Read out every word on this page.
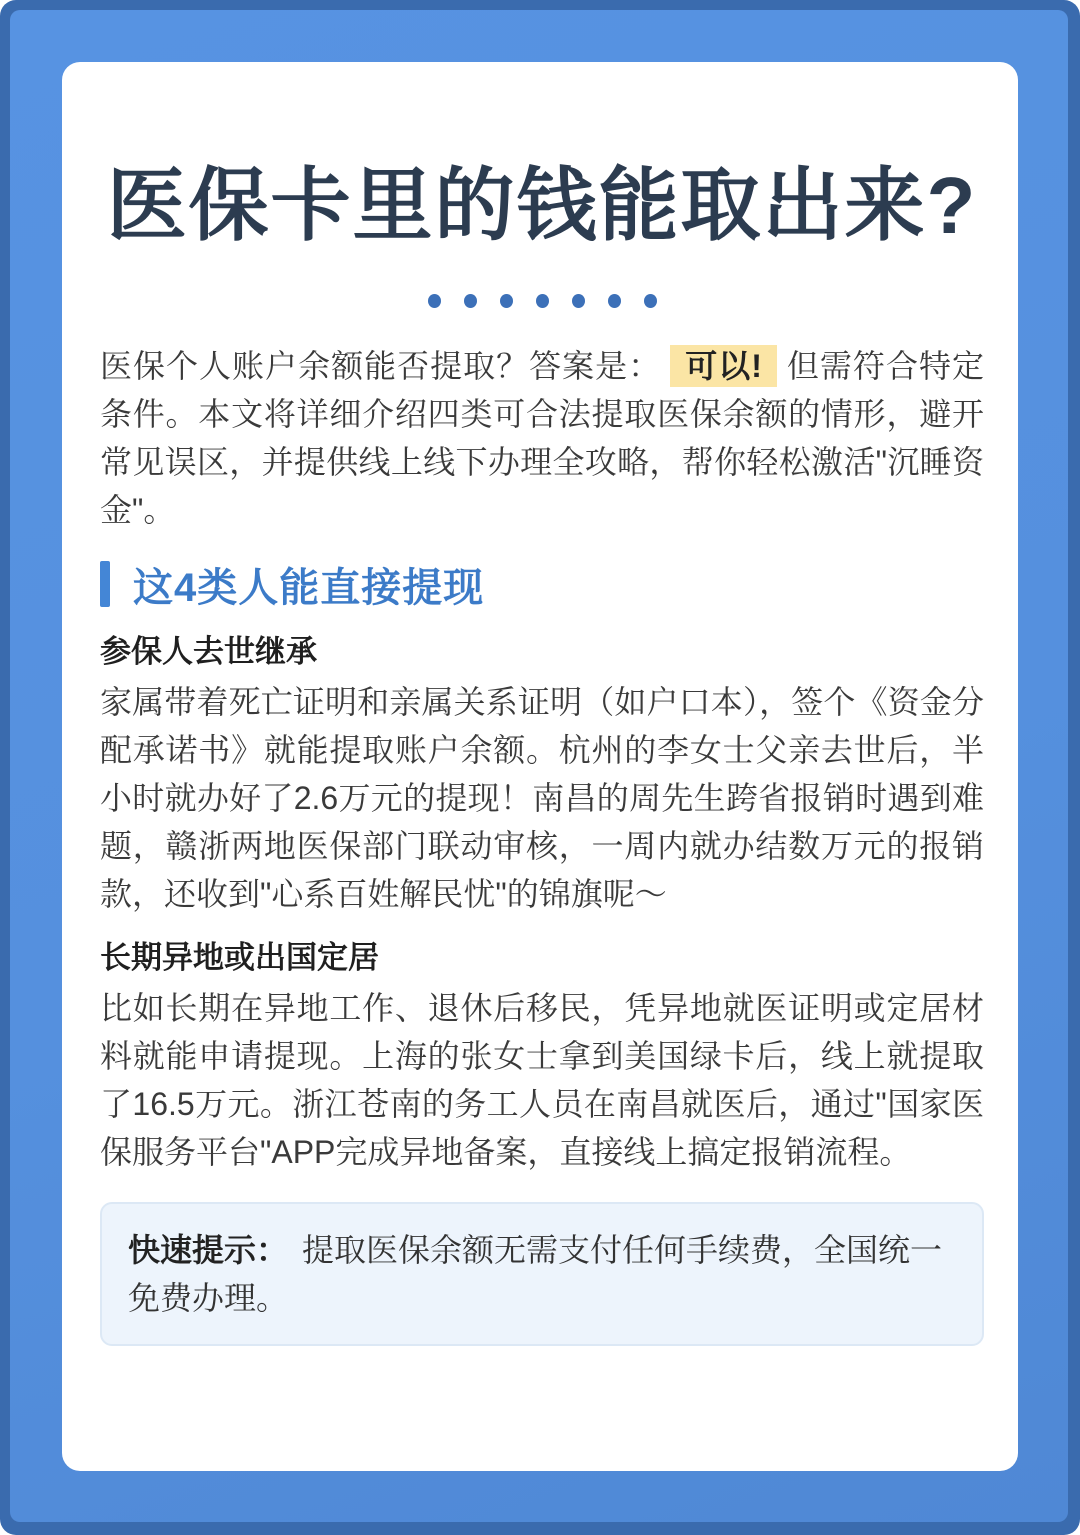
医保卡里的钱能取出来?

医保个人账户余额能否提取？答案是： 可以! 但需符合特定条件。本文将详细介绍四类可合法提取医保余额的情形，避开常见误区，并提供线上线下办理全攻略，帮你轻松激活"沉睡资金"。

这4类人能直接提现
参保人去世继承

家属带着死亡证明和亲属关系证明（如户口本），签个《资金分配承诺书》就能提取账户余额。杭州的李女士父亲去世后，半小时就办好了2.6万元的提现！南昌的周先生跨省报销时遇到难题，赣浙两地医保部门联动审核，一周内就办结数万元的报销款，还收到"心系百姓解民忧"的锦旗呢～

长期异地或出国定居

比如长期在异地工作、退休后移民，凭异地就医证明或定居材料就能申请提现。上海的张女士拿到美国绿卡后，线上就提取了16.5万元。浙江苍南的务工人员在南昌就医后，通过"国家医保服务平台"APP完成异地备案，直接线上搞定报销流程。

快速提示： 提取医保余额无需支付任何手续费，全国统一免费办理。
